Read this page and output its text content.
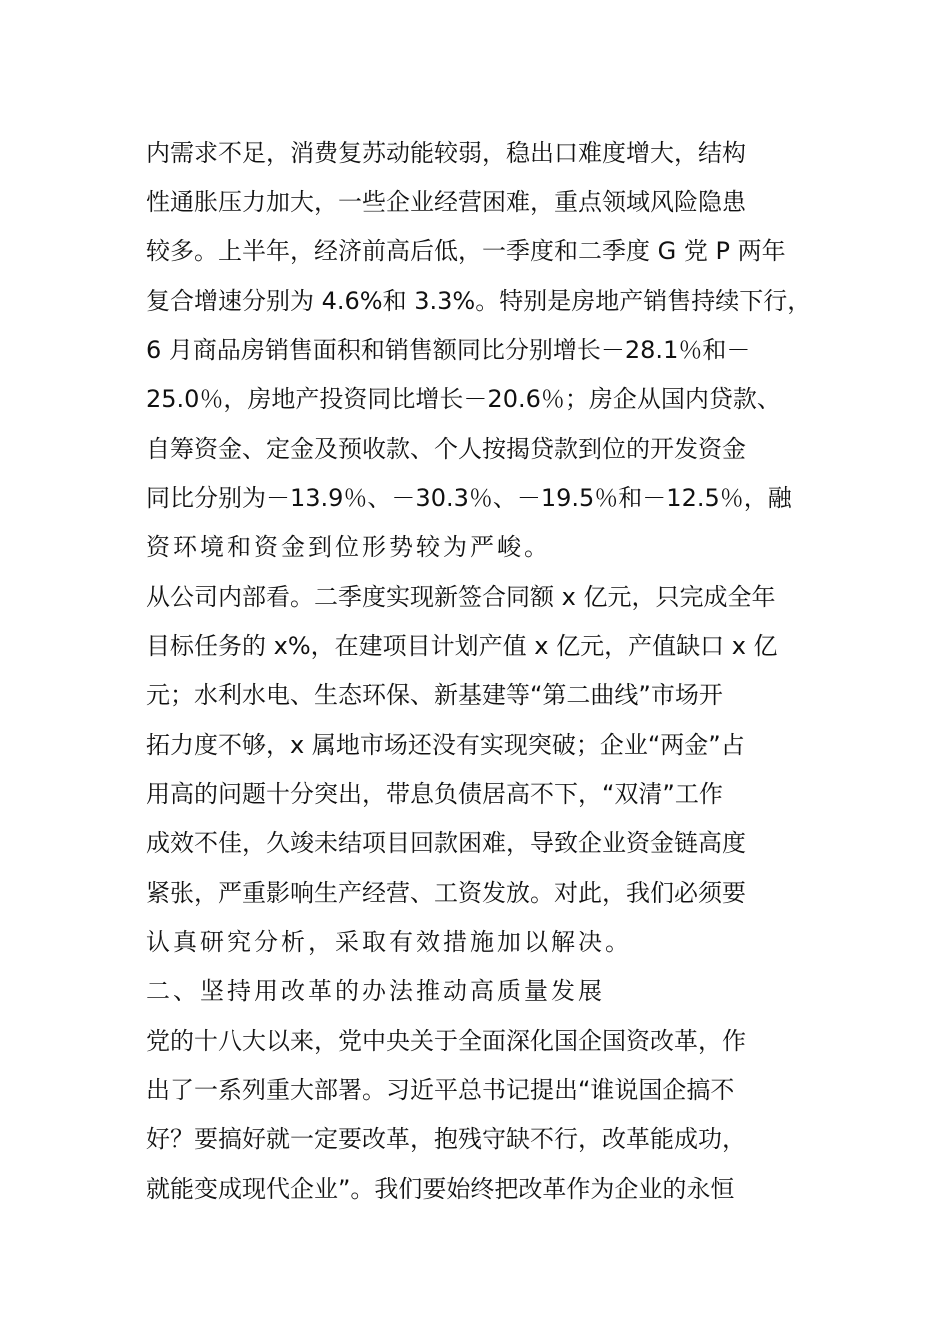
内需求不足，消费复苏动能较弱，稳出口难度增大，结构
性通胀压力加大，一些企业经营困难，重点领域风险隐患
较多。上半年，经济前高后低，一季度和二季度 G 党 P 两年
复合增速分别为 4.6%和 3.3%。特别是房地产销售持续下行，
6 月商品房销售面积和销售额同比分别增长－28.1％和－
25.0％，房地产投资同比增长－20.6％；房企从国内贷款、
自筹资金、定金及预收款、个人按揭贷款到位的开发资金
同比分别为－13.9％、－30.3％、－19.5％和－12.5％，融
资环境和资金到位形势较为严峻。
从公司内部看。二季度实现新签合同额 x 亿元，只完成全年
目标任务的 x%，在建项目计划产值 x 亿元，产值缺口 x 亿
元；水利水电、生态环保、新基建等“第二曲线”市场开
拓力度不够，x 属地市场还没有实现突破；企业“两金”占
用高的问题十分突出，带息负债居高不下，“双清”工作
成效不佳，久竣未结项目回款困难，导致企业资金链高度
紧张，严重影响生产经营、工资发放。对此，我们必须要
认真研究分析，采取有效措施加以解决。
二、坚持用改革的办法推动高质量发展
党的十八大以来，党中央关于全面深化国企国资改革，作
出了一系列重大部署。习近平总书记提出“谁说国企搞不
好？要搞好就一定要改革，抱残守缺不行，改革能成功，
就能变成现代企业”。我们要始终把改革作为企业的永恒
